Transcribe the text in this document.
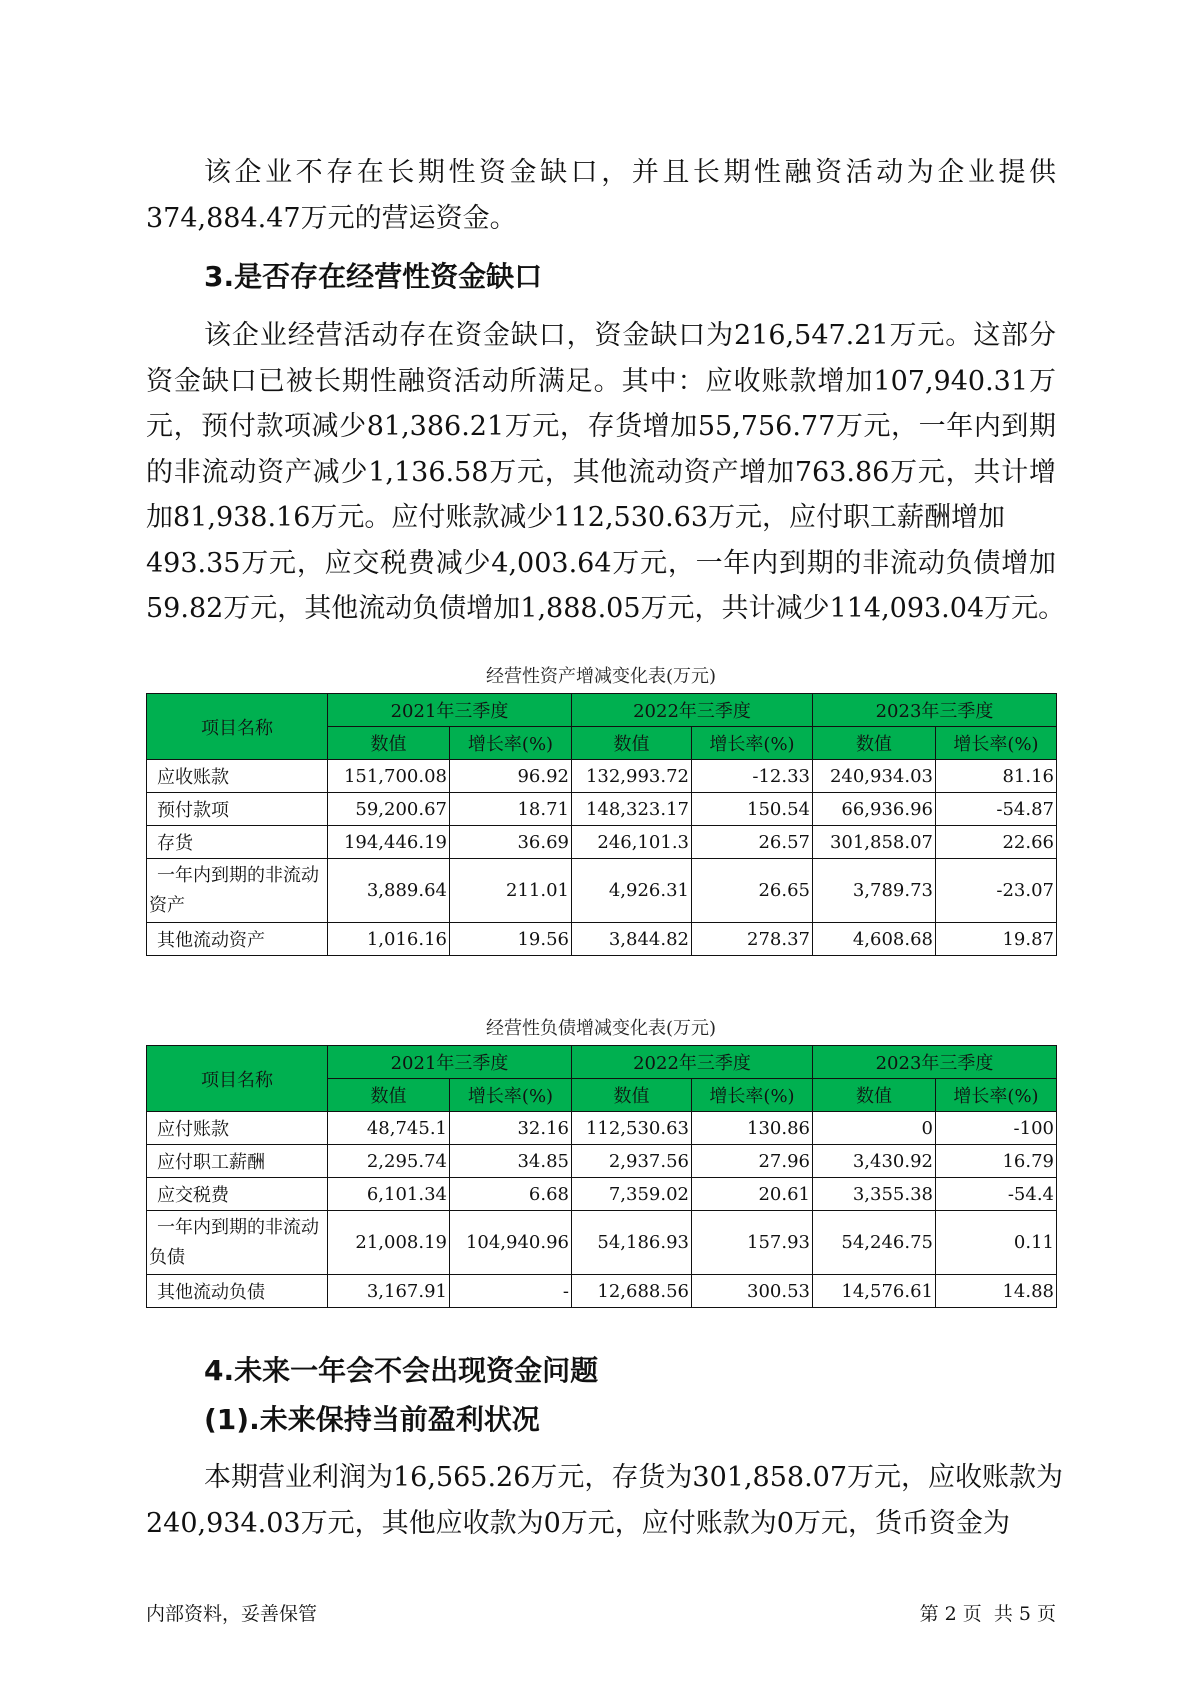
该企业不存在长期性资金缺口，并且长期性融资活动为企业提供
374,884.47万元的营运资金。
3.是否存在经营性资金缺口
该企业经营活动存在资金缺口，资金缺口为216,547.21万元。这部分
资金缺口已被长期性融资活动所满足。其中：应收账款增加107,940.31万
元，预付款项减少81,386.21万元，存货增加55,756.77万元，一年内到期
的非流动资产减少1,136.58万元，其他流动资产增加763.86万元，共计增
加81,938.16万元。应付账款减少112,530.63万元，应付职工薪酬增加
493.35万元，应交税费减少4,003.64万元，一年内到期的非流动负债增加
59.82万元，其他流动负债增加1,888.05万元，共计减少114,093.04万元。
经营性资产增减变化表(万元)
项目名称	2021年三季度		2022年三季度		2023年三季度	
	数值	增长率(%)	数值	增长率(%)	数值	增长率(%)
应收账款	151,700.08	96.92	132,993.72	-12.33	240,934.03	81.16
预付款项	59,200.67	18.71	148,323.17	150.54	66,936.96	-54.87
存货	194,446.19	36.69	246,101.3	26.57	301,858.07	22.66
一年内到期的非流动资产	3,889.64	211.01	4,926.31	26.65	3,789.73	-23.07
其他流动资产	1,016.16	19.56	3,844.82	278.37	4,608.68	19.87
经营性负债增减变化表(万元)
项目名称	2021年三季度		2022年三季度		2023年三季度	
	数值	增长率(%)	数值	增长率(%)	数值	增长率(%)
应付账款	48,745.1	32.16	112,530.63	130.86	0	-100
应付职工薪酬	2,295.74	34.85	2,937.56	27.96	3,430.92	16.79
应交税费	6,101.34	6.68	7,359.02	20.61	3,355.38	-54.4
一年内到期的非流动负债	21,008.19	104,940.96	54,186.93	157.93	54,246.75	0.11
其他流动负债	3,167.91	-	12,688.56	300.53	14,576.61	14.88
4.未来一年会不会出现资金问题
(1).未来保持当前盈利状况
本期营业利润为16,565.26万元，存货为301,858.07万元，应收账款为
240,934.03万元，其他应收款为0万元，应付账款为0万元，货币资金为
内部资料，妥善保管	第 2 页  共 5 页
